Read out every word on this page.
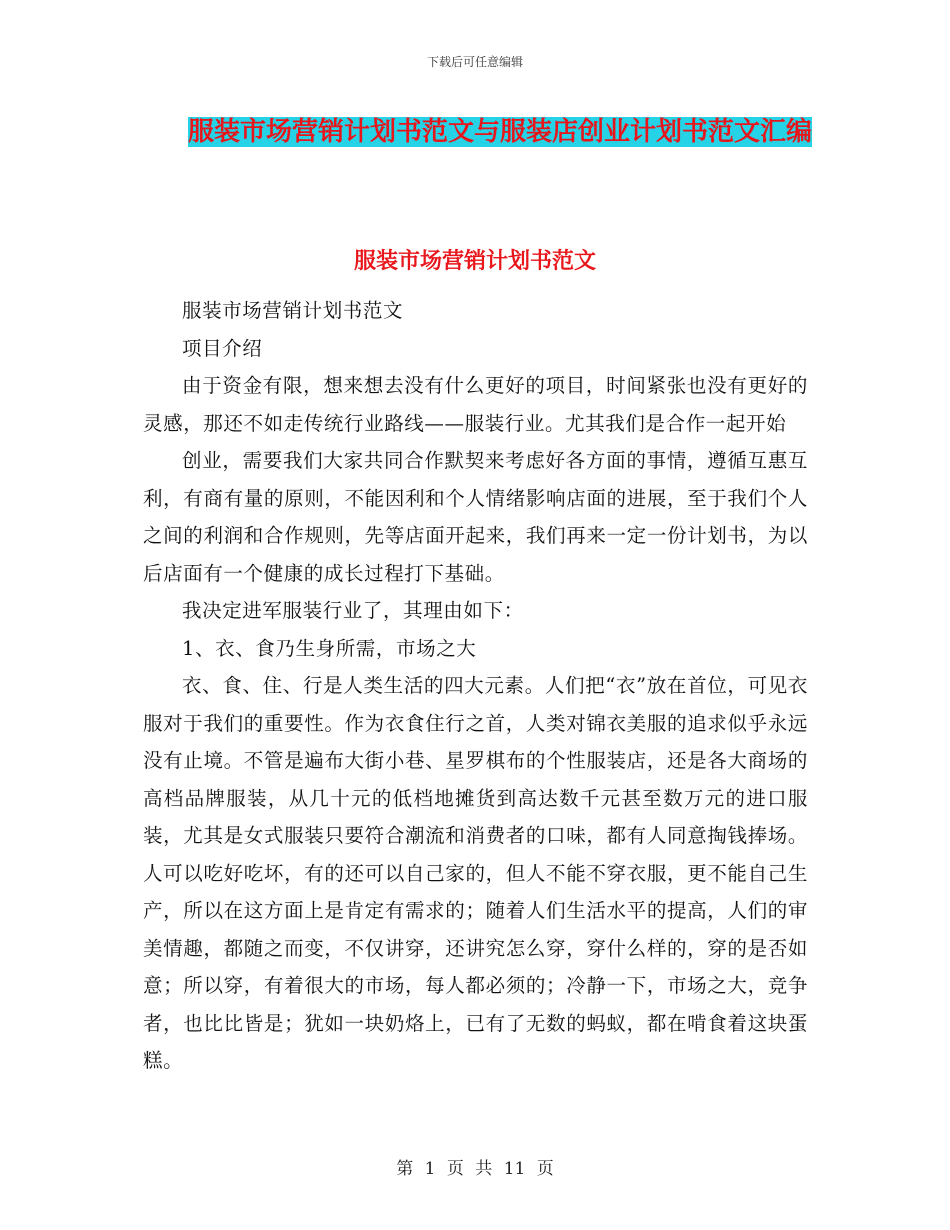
下载后可任意编辑
服装市场营销计划书范文与服装店创业计划书范文汇编
服装市场营销计划书范文

服装市场营销计划书范文

项目介绍

由于资金有限，想来想去没有什么更好的项目，时间紧张也没有更好的灵感，那还不如走传统行业路线——服装行业。尤其我们是合作一起开始

创业，需要我们大家共同合作默契来考虑好各方面的事情，遵循互惠互利，有商有量的原则，不能因利和个人情绪影响店面的进展，至于我们个人之间的利润和合作规则，先等店面开起来，我们再来一定一份计划书，为以后店面有一个健康的成长过程打下基础。

我决定进军服装行业了，其理由如下：

1、衣、食乃生身所需，市场之大

衣、食、住、行是人类生活的四大元素。人们把“衣”放在首位，可见衣服对于我们的重要性。作为衣食住行之首，人类对锦衣美服的追求似乎永远没有止境。不管是遍布大街小巷、星罗棋布的个性服装店，还是各大商场的高档品牌服装，从几十元的低档地摊货到高达数千元甚至数万元的进口服装，尤其是女式服装只要符合潮流和消费者的口味，都有人同意掏钱捧场。人可以吃好吃坏，有的还可以自己家的，但人不能不穿衣服，更不能自己生产，所以在这方面上是肯定有需求的；随着人们生活水平的提高，人们的审美情趣，都随之而变，不仅讲穿，还讲究怎么穿，穿什么样的，穿的是否如意；所以穿，有着很大的市场，每人都必须的；冷静一下，市场之大，竞争者，也比比皆是；犹如一块奶烙上，已有了无数的蚂蚁，都在啃食着这块蛋糕。

第 1 页 共 11 页
